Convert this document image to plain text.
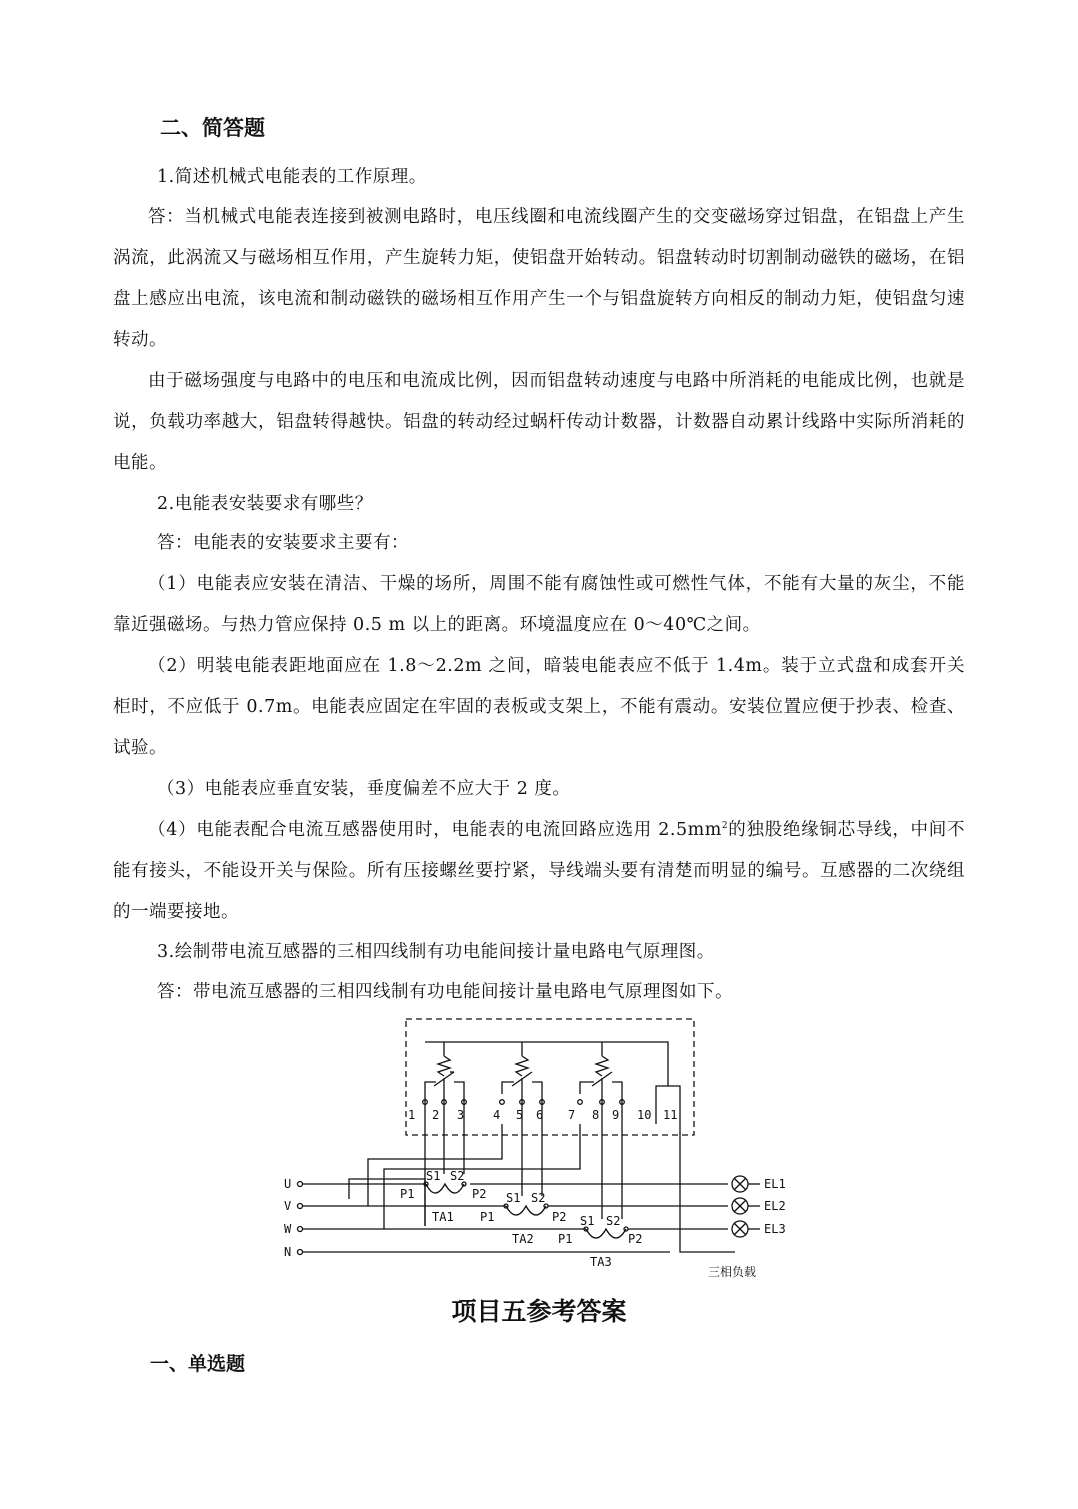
二、简答题

1.简述机械式电能表的工作原理。

答：当机械式电能表连接到被测电路时，电压线圈和电流线圈产生的交变磁场穿过铝盘，在铝盘上产生涡流，此涡流又与磁场相互作用，产生旋转力矩，使铝盘开始转动。铝盘转动时切割制动磁铁的磁场，在铝盘上感应出电流，该电流和制动磁铁的磁场相互作用产生一个与铝盘旋转方向相反的制动力矩，使铝盘匀速转动。

由于磁场强度与电路中的电压和电流成比例，因而铝盘转动速度与电路中所消耗的电能成比例，也就是说，负载功率越大，铝盘转得越快。铝盘的转动经过蜗杆传动计数器，计数器自动累计线路中实际所消耗的电能。

2.电能表安装要求有哪些？

答：电能表的安装要求主要有：

（1）电能表应安装在清洁、干燥的场所，周围不能有腐蚀性或可燃性气体，不能有大量的灰尘，不能靠近强磁场。与热力管应保持 0.5 m 以上的距离。环境温度应在 0～40℃之间。

（2）明装电能表距地面应在 1.8～2.2m 之间，暗装电能表应不低于 1.4m。装于立式盘和成套开关柜时，不应低于 0.7m。电能表应固定在牢固的表板或支架上，不能有震动。安装位置应便于抄表、检查、试验。

（3）电能表应垂直安装，垂度偏差不应大于 2 度。

（4）电能表配合电流互感器使用时，电能表的电流回路应选用 $2.5mm^2$的独股绝缘铜芯导线，中间不能有接头，不能设开关与保险。所有压接螺丝要拧紧，导线端头要有清楚而明显的编号。互感器的二次绕组的一端要接地。

3.绘制带电流互感器的三相四线制有功电能间接计量电路电气原理图。

答：带电流互感器的三相四线制有功电能间接计量电路电气原理图如下。

1 2 3 4 5 6 7 8 9 10 11
U
V
W
N
S1 S2
P1	P2
TA1
S1 S2
P1	P2
TA2
S1 S2
P1	P2
TA3
EL1
EL2
EL3
三相负载
项目五参考答案
一、单选题
